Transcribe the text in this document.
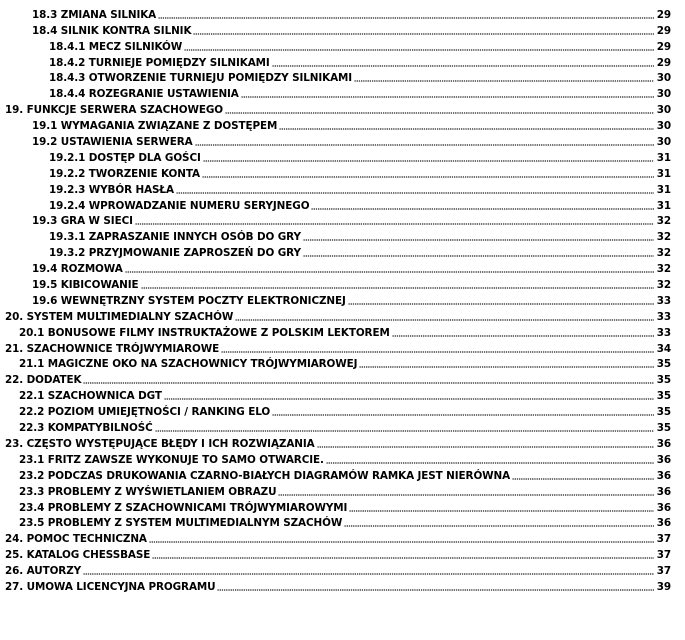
18.3 ZMIANA SILNIKA	29
18.4 SILNIK KONTRA SILNIK	29
18.4.1 MECZ SILNIKÓW	29
18.4.2 TURNIEJE POMIĘDZY SILNIKAMI	29
18.4.3 OTWORZENIE TURNIEJU POMIĘDZY SILNIKAMI	30
18.4.4 ROZEGRANIE USTAWIENIA	30
19. FUNKCJE SERWERA SZACHOWEGO	30
19.1 WYMAGANIA ZWIĄZANE Z DOSTĘPEM	30
19.2 USTAWIENIA SERWERA	30
19.2.1 DOSTĘP DLA GOŚCI	31
19.2.2 TWORZENIE KONTA	31
19.2.3 WYBÓR HASŁA	31
19.2.4 WPROWADZANIE NUMERU SERYJNEGO	31
19.3 GRA W SIECI	32
19.3.1 ZAPRASZANIE INNYCH OSÓB DO GRY	32
19.3.2 PRZYJMOWANIE ZAPROSZEŃ DO GRY	32
19.4 ROZMOWA	32
19.5 KIBICOWANIE	32
19.6 WEWNĘTRZNY SYSTEM POCZTY ELEKTRONICZNEJ	33
20. SYSTEM MULTIMEDIALNY SZACHÓW	33
20.1 BONUSOWE FILMY INSTRUKTAŻOWE Z POLSKIM LEKTOREM	33
21. SZACHOWNICE TRÓJWYMIAROWE	34
21.1 MAGICZNE OKO NA SZACHOWNICY TRÓJWYMIAROWEJ	35
22. DODATEK	35
22.1 SZACHOWNICA DGT	35
22.2 POZIOM UMIEJĘTNOŚCI / RANKING ELO	35
22.3 KOMPATYBILNOŚĆ	35
23. CZĘSTO WYSTĘPUJĄCE BŁĘDY I ICH ROZWIĄZANIA	36
23.1 FRITZ ZAWSZE WYKONUJE TO SAMO OTWARCIE.	36
23.2 PODCZAS DRUKOWANIA CZARNO-BIAŁYCH DIAGRAMÓW RAMKA JEST NIERÓWNA	36
23.3 PROBLEMY Z WYŚWIETLANIEM OBRAZU	36
23.4 PROBLEMY Z SZACHOWNICAMI TRÓJWYMIAROWYMI	36
23.5 PROBLEMY Z SYSTEM MULTIMEDIALNYM SZACHÓW	36
24. POMOC TECHNICZNA	37
25. KATALOG CHESSBASE	37
26. AUTORZY	37
27. UMOWA LICENCYJNA PROGRAMU	39
